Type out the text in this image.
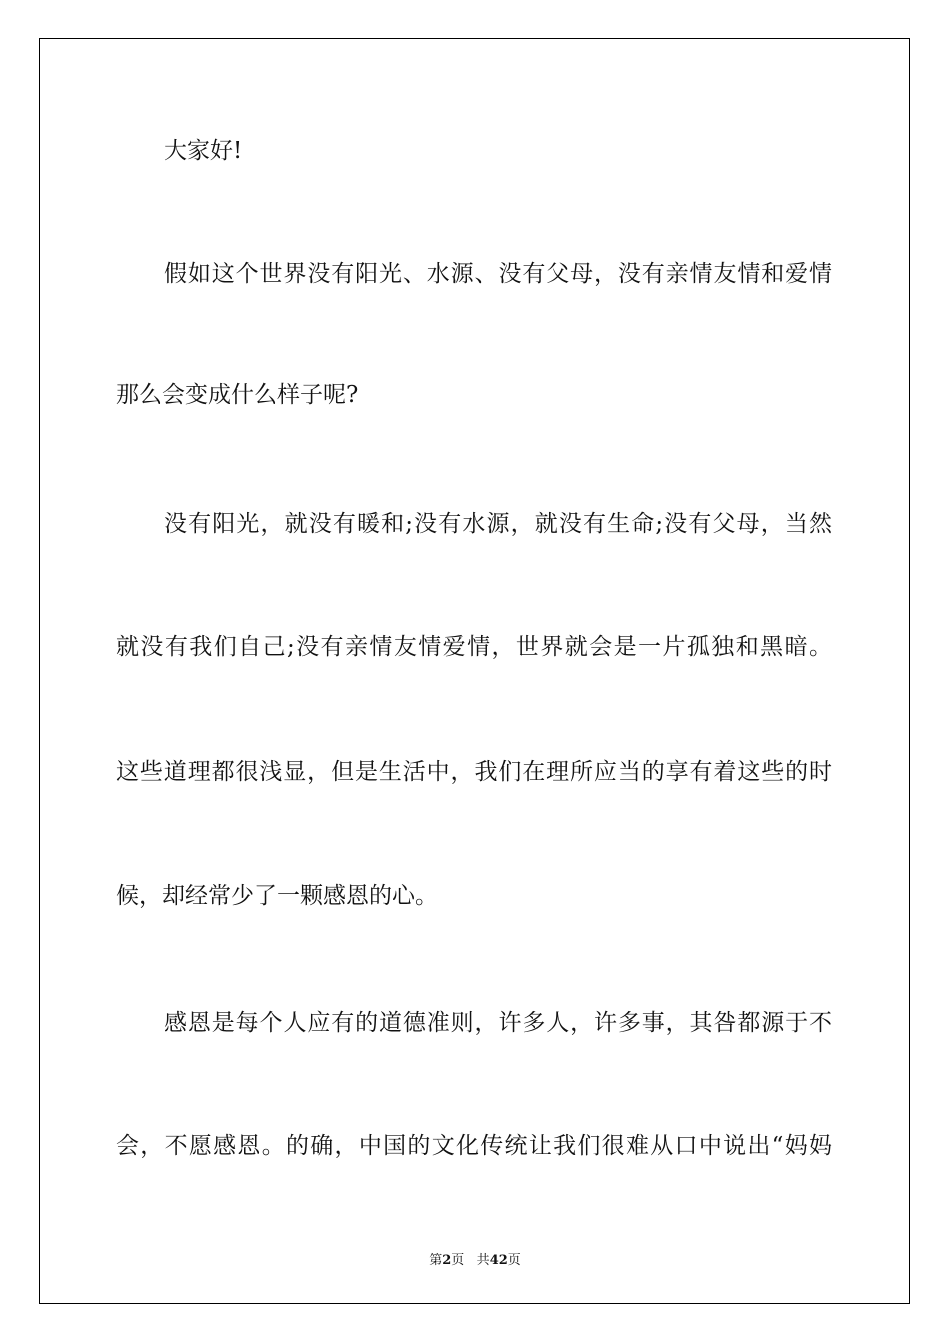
大家好!
假如这个世界没有阳光、水源、没有父母，没有亲情友情和爱情
那么会变成什么样子呢?
没有阳光，就没有暖和;没有水源，就没有生命;没有父母，当然
就没有我们自己;没有亲情友情爱情，世界就会是一片孤独和黑暗。
这些道理都很浅显，但是生活中，我们在理所应当的享有着这些的时
候，却经常少了一颗感恩的心。
感恩是每个人应有的道德准则，许多人，许多事，其咎都源于不
会，不愿感恩。的确，中国的文化传统让我们很难从口中说出“妈妈
第2页 共42页
